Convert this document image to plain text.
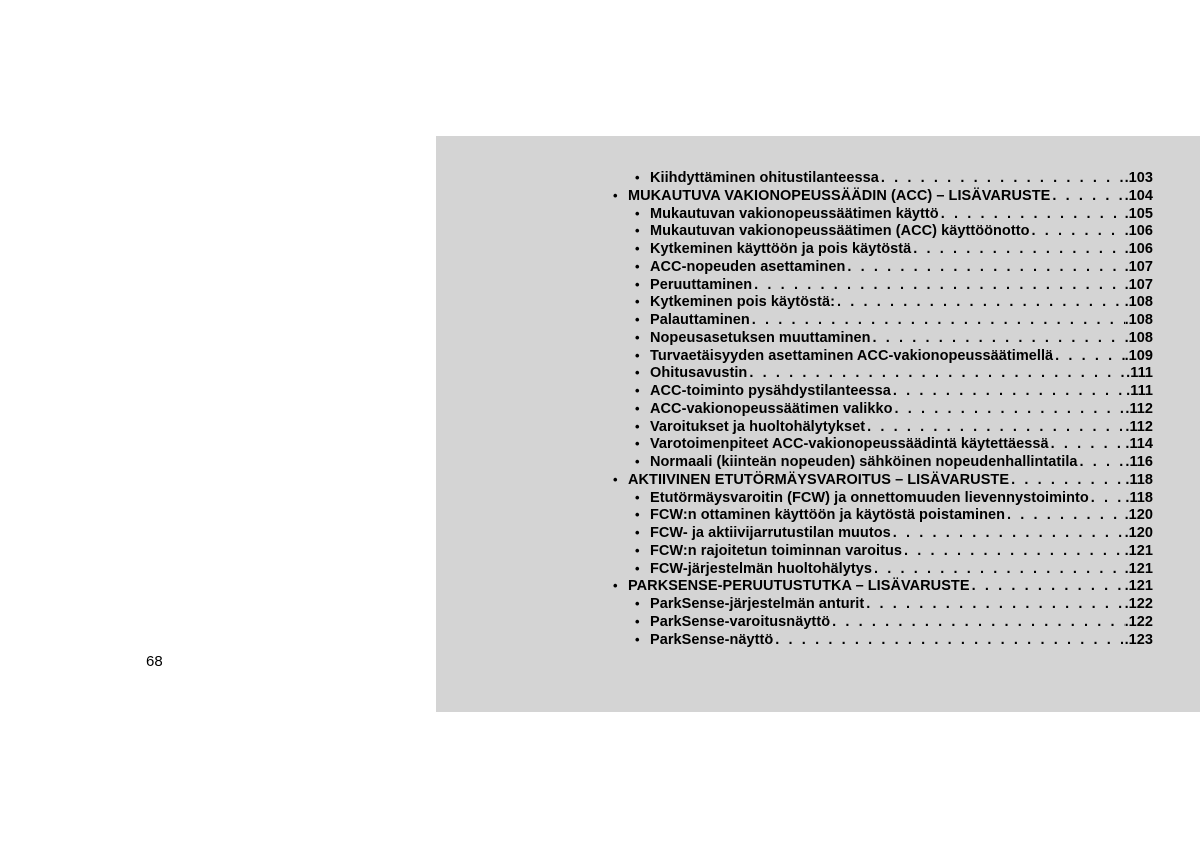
68
• Kiihdyttäminen ohitustilanteessa . . .	.103
• MUKAUTUVA VAKIONOPEUSSÄÄDIN (ACC) – LISÄVARUSTE . . .	.104
• Mukautuvan vakionopeussäätimen käyttö . . .	.105
• Mukautuvan vakionopeussäätimen (ACC) käyttöönotto . . .	.106
• Kytkeminen käyttöön ja pois käytöstä . . .	.106
• ACC-nopeuden asettaminen . . .	.107
• Peruuttaminen . . .	.107
• Kytkeminen pois käytöstä: . . .	.108
• Palauttaminen . . .	.108
• Nopeusasetuksen muuttaminen . . .	.108
• Turvaetäisyyden asettaminen ACC-vakionopeussäätimellä . . .	.109
• Ohitusavustin . . .	.111
• ACC-toiminto pysähdystilanteessa . . .	.111
• ACC-vakionopeussäätimen valikko . . .	.112
• Varoitukset ja huoltohälytykset . . .	.112
• Varotoimenpiteet ACC-vakionopeussäädintä käytettäessä . . .	.114
• Normaali (kiinteän nopeuden) sähköinen nopeudenhallintatila . . .	.116
• AKTIIVINEN ETUTÖRMÄYSVAROITUS – LISÄVARUSTE . . .	.118
• Etutörmäysvaroitin (FCW) ja onnettomuuden lievennystoiminto . . .	.118
• FCW:n ottaminen käyttöön ja käytöstä poistaminen . . .	.120
• FCW- ja aktiivijarrutustilan muutos . . .	.120
• FCW:n rajoitetun toiminnan varoitus . . .	.121
• FCW-järjestelmän huoltohälytys . . .	.121
• PARKSENSE-PERUUTUSTUTKA – LISÄVARUSTE . . .	.121
• ParkSense-järjestelmän anturit . . .	.122
• ParkSense-varoitusnäyttö . . .	.122
• ParkSense-näyttö . . .	.123
